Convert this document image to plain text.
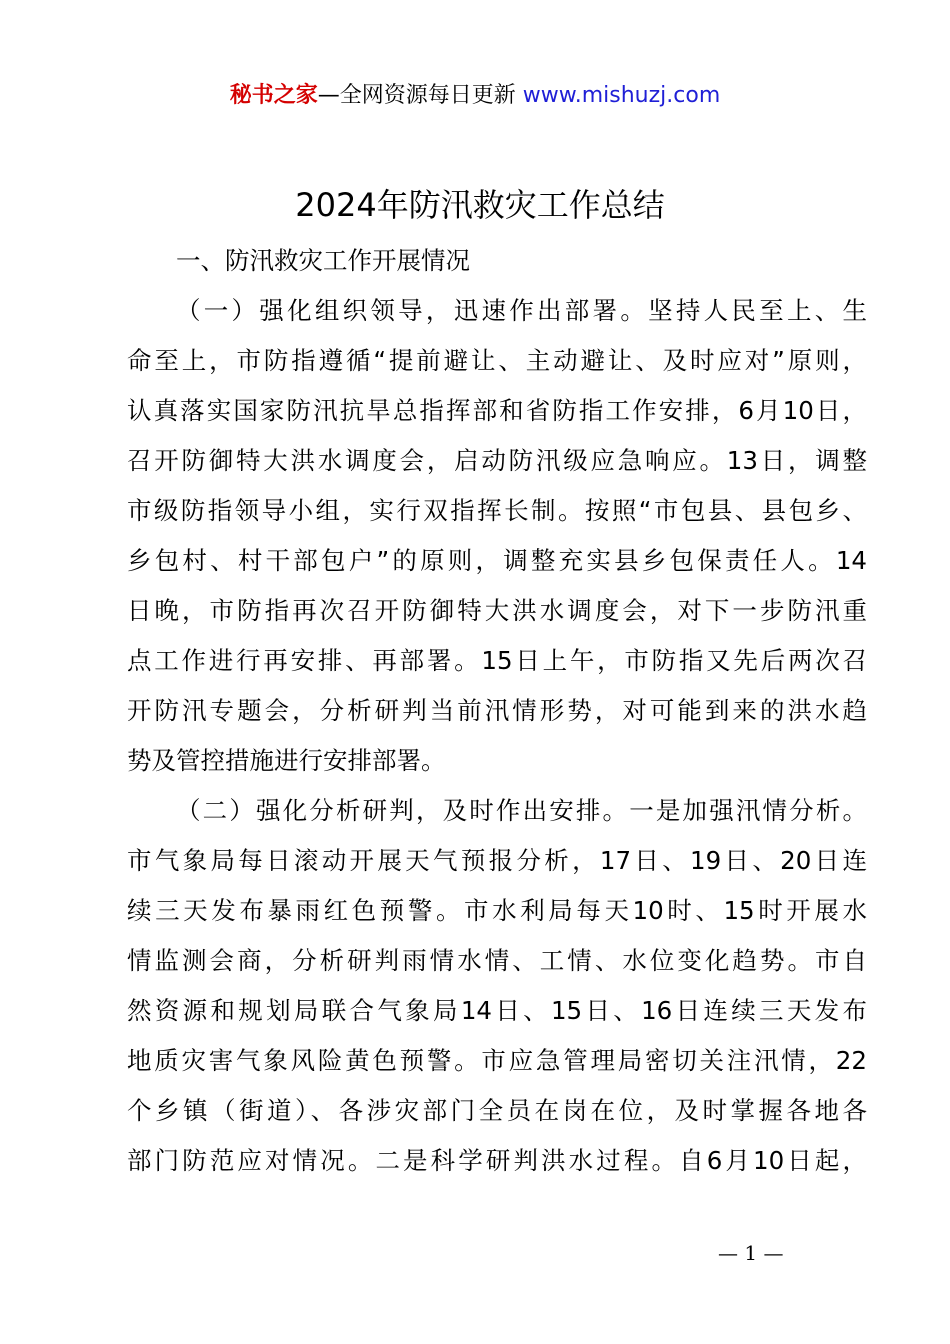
秘书之家—全网资源每日更新 www.mishuzj.com
2024年防汛救灾工作总结
一、防汛救灾工作开展情况
（一）强化组织领导，迅速作出部署。坚持人民至上、生
命至上，市防指遵循“提前避让、主动避让、及时应对”原则，
认真落实国家防汛抗旱总指挥部和省防指工作安排，6月10日，
召开防御特大洪水调度会，启动防汛级应急响应。13日，调整
市级防指领导小组，实行双指挥长制。按照“市包县、县包乡、
乡包村、村干部包户”的原则，调整充实县乡包保责任人。14
日晚，市防指再次召开防御特大洪水调度会，对下一步防汛重
点工作进行再安排、再部署。15日上午，市防指又先后两次召
开防汛专题会，分析研判当前汛情形势，对可能到来的洪水趋
势及管控措施进行安排部署。
（二）强化分析研判，及时作出安排。一是加强汛情分析。
市气象局每日滚动开展天气预报分析，17日、19日、20日连
续三天发布暴雨红色预警。市水利局每天10时、15时开展水
情监测会商，分析研判雨情水情、工情、水位变化趋势。市自
然资源和规划局联合气象局14日、15日、16日连续三天发布
地质灾害气象风险黄色预警。市应急管理局密切关注汛情，22
个乡镇（街道）、各涉灾部门全员在岗在位，及时掌握各地各
部门防范应对情况。二是科学研判洪水过程。自6月10日起，
— 1 —
